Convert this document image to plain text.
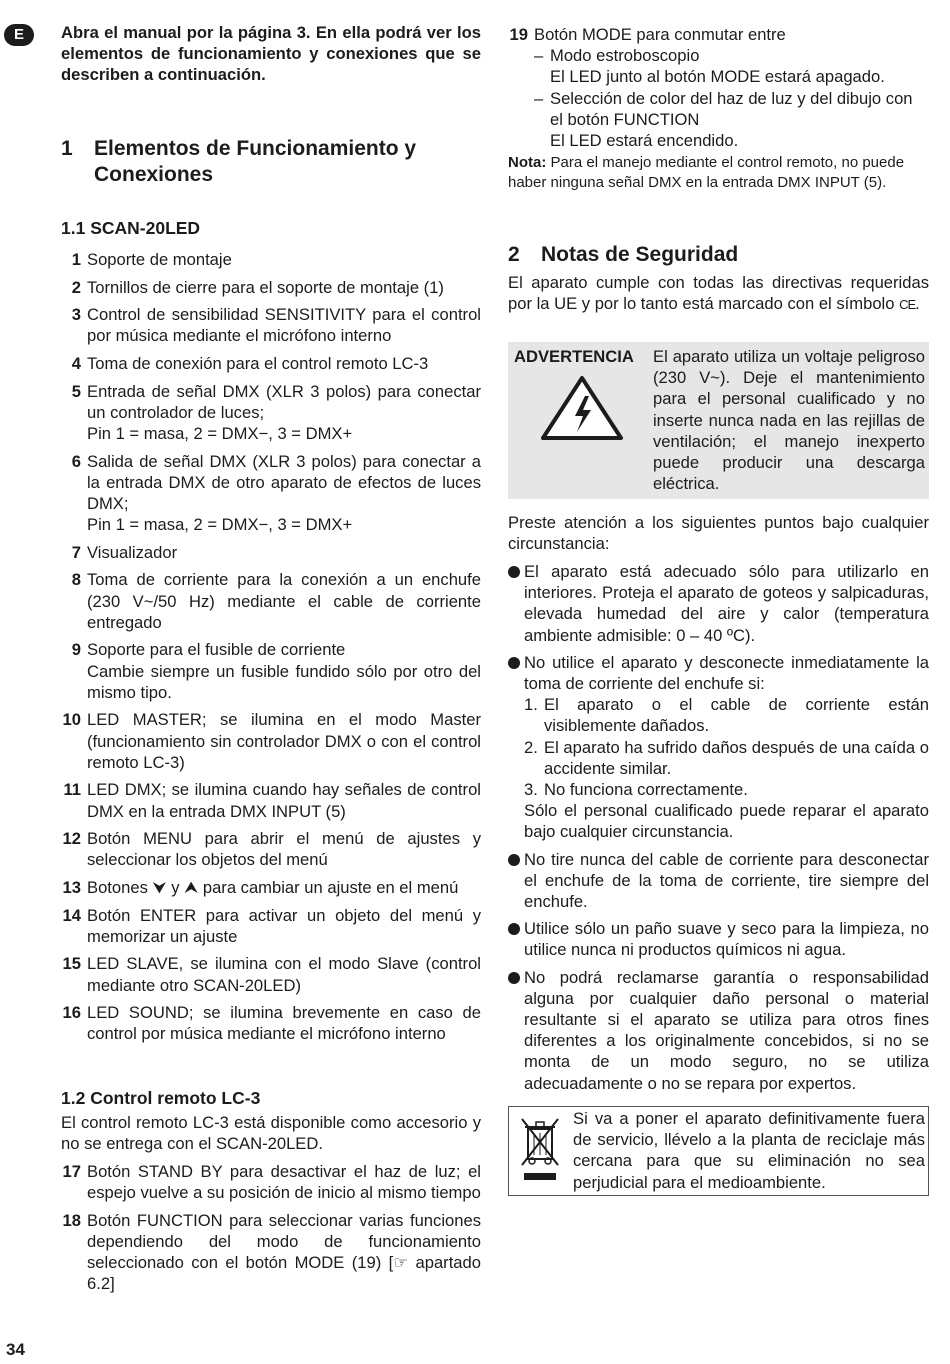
E	Abra el manual por la página 3. En ella podrá ver los elementos de funcionamiento y conexiones que se describen a continuación.
1	Elementos de Funcionamiento y Conexiones
1.1 SCAN-20LED
1 Soporte de montaje
2 Tornillos de cierre para el soporte de montaje (1)
3 Control de sensibilidad SENSITIVITY para el control por música mediante el micrófono interno
4 Toma de conexión para el control remoto LC-3
5 Entrada de señal DMX (XLR 3 polos) para conectar un controlador de luces;
Pin 1 = masa, 2 = DMX−, 3 = DMX+
6 Salida de señal DMX (XLR 3 polos) para conectar a la entrada DMX de otro aparato de efectos de luces DMX;
Pin 1 = masa, 2 = DMX−, 3 = DMX+
7 Visualizador
8 Toma de corriente para la conexión a un enchufe (230 V~/50 Hz) mediante el cable de corriente entregado
9 Soporte para el fusible de corriente
Cambie siempre un fusible fundido sólo por otro del mismo tipo.
10 LED MASTER; se ilumina en el modo Master (funcionamiento sin controlador DMX o con el control remoto LC-3)
11 LED DMX; se ilumina cuando hay señales de control DMX en la entrada DMX INPUT (5)
12 Botón MENU para abrir el menú de ajustes y seleccionar los objetos del menú
13 Botones ⮟ y ⮝ para cambiar un ajuste en el menú
14 Botón ENTER para activar un objeto del menú y memorizar un ajuste
15 LED SLAVE, se ilumina con el modo Slave (control mediante otro SCAN-20LED)
16 LED SOUND; se ilumina brevemente en caso de control por música mediante el micrófono interno
1.2 Control remoto LC-3
El control remoto LC-3 está disponible como accesorio y no se entrega con el SCAN-20LED.
17 Botón STAND BY para desactivar el haz de luz; el espejo vuelve a su posición de inicio al mismo tiempo
18 Botón FUNCTION para seleccionar varias funciones dependiendo del modo de funcionamiento seleccionado con el botón MODE (19) [☞ apartado 6.2]
19 Botón MODE para conmutar entre
– Modo estroboscopio
El LED junto al botón MODE estará apagado.
– Selección de color del haz de luz y del dibujo con el botón FUNCTION
El LED estará encendido.
Nota: Para el manejo mediante el control remoto, no puede haber ninguna señal DMX en la entrada DMX INPUT (5).
2 Notas de Seguridad
El aparato cumple con todas las directivas requeridas por la UE y por lo tanto está marcado con el símbolo CE.
ADVERTENCIA El aparato utiliza un voltaje peligroso (230 V~). Deje el mantenimiento para el personal cualificado y no inserte nunca nada en las rejillas de ventilación; el manejo inexperto puede producir una descarga eléctrica.
Preste atención a los siguientes puntos bajo cualquier circunstancia:
El aparato está adecuado sólo para utilizarlo en interiores. Proteja el aparato de goteos y salpicaduras, elevada humedad del aire y calor (temperatura ambiente admisible: 0 – 40 ºC).
No utilice el aparato y desconecte inmediatamente la toma de corriente del enchufe si:
1. El aparato o el cable de corriente están visiblemente dañados.
2. El aparato ha sufrido daños después de una caída o accidente similar.
3. No funciona correctamente.
Sólo el personal cualificado puede reparar el aparato bajo cualquier circunstancia.
No tire nunca del cable de corriente para desconectar el enchufe de la toma de corriente, tire siempre del enchufe.
Utilice sólo un paño suave y seco para la limpieza, no utilice nunca ni productos químicos ni agua.
No podrá reclamarse garantía o responsabilidad alguna por cualquier daño personal o material resultante si el aparato se utiliza para otros fines diferentes a los originalmente concebidos, si no se monta de un modo seguro, no se utiliza adecuadamente o no se repara por expertos.
Si va a poner el aparato definitivamente fuera de servicio, llévelo a la planta de reciclaje más cercana para que su eliminación no sea perjudicial para el medioambiente.
34
